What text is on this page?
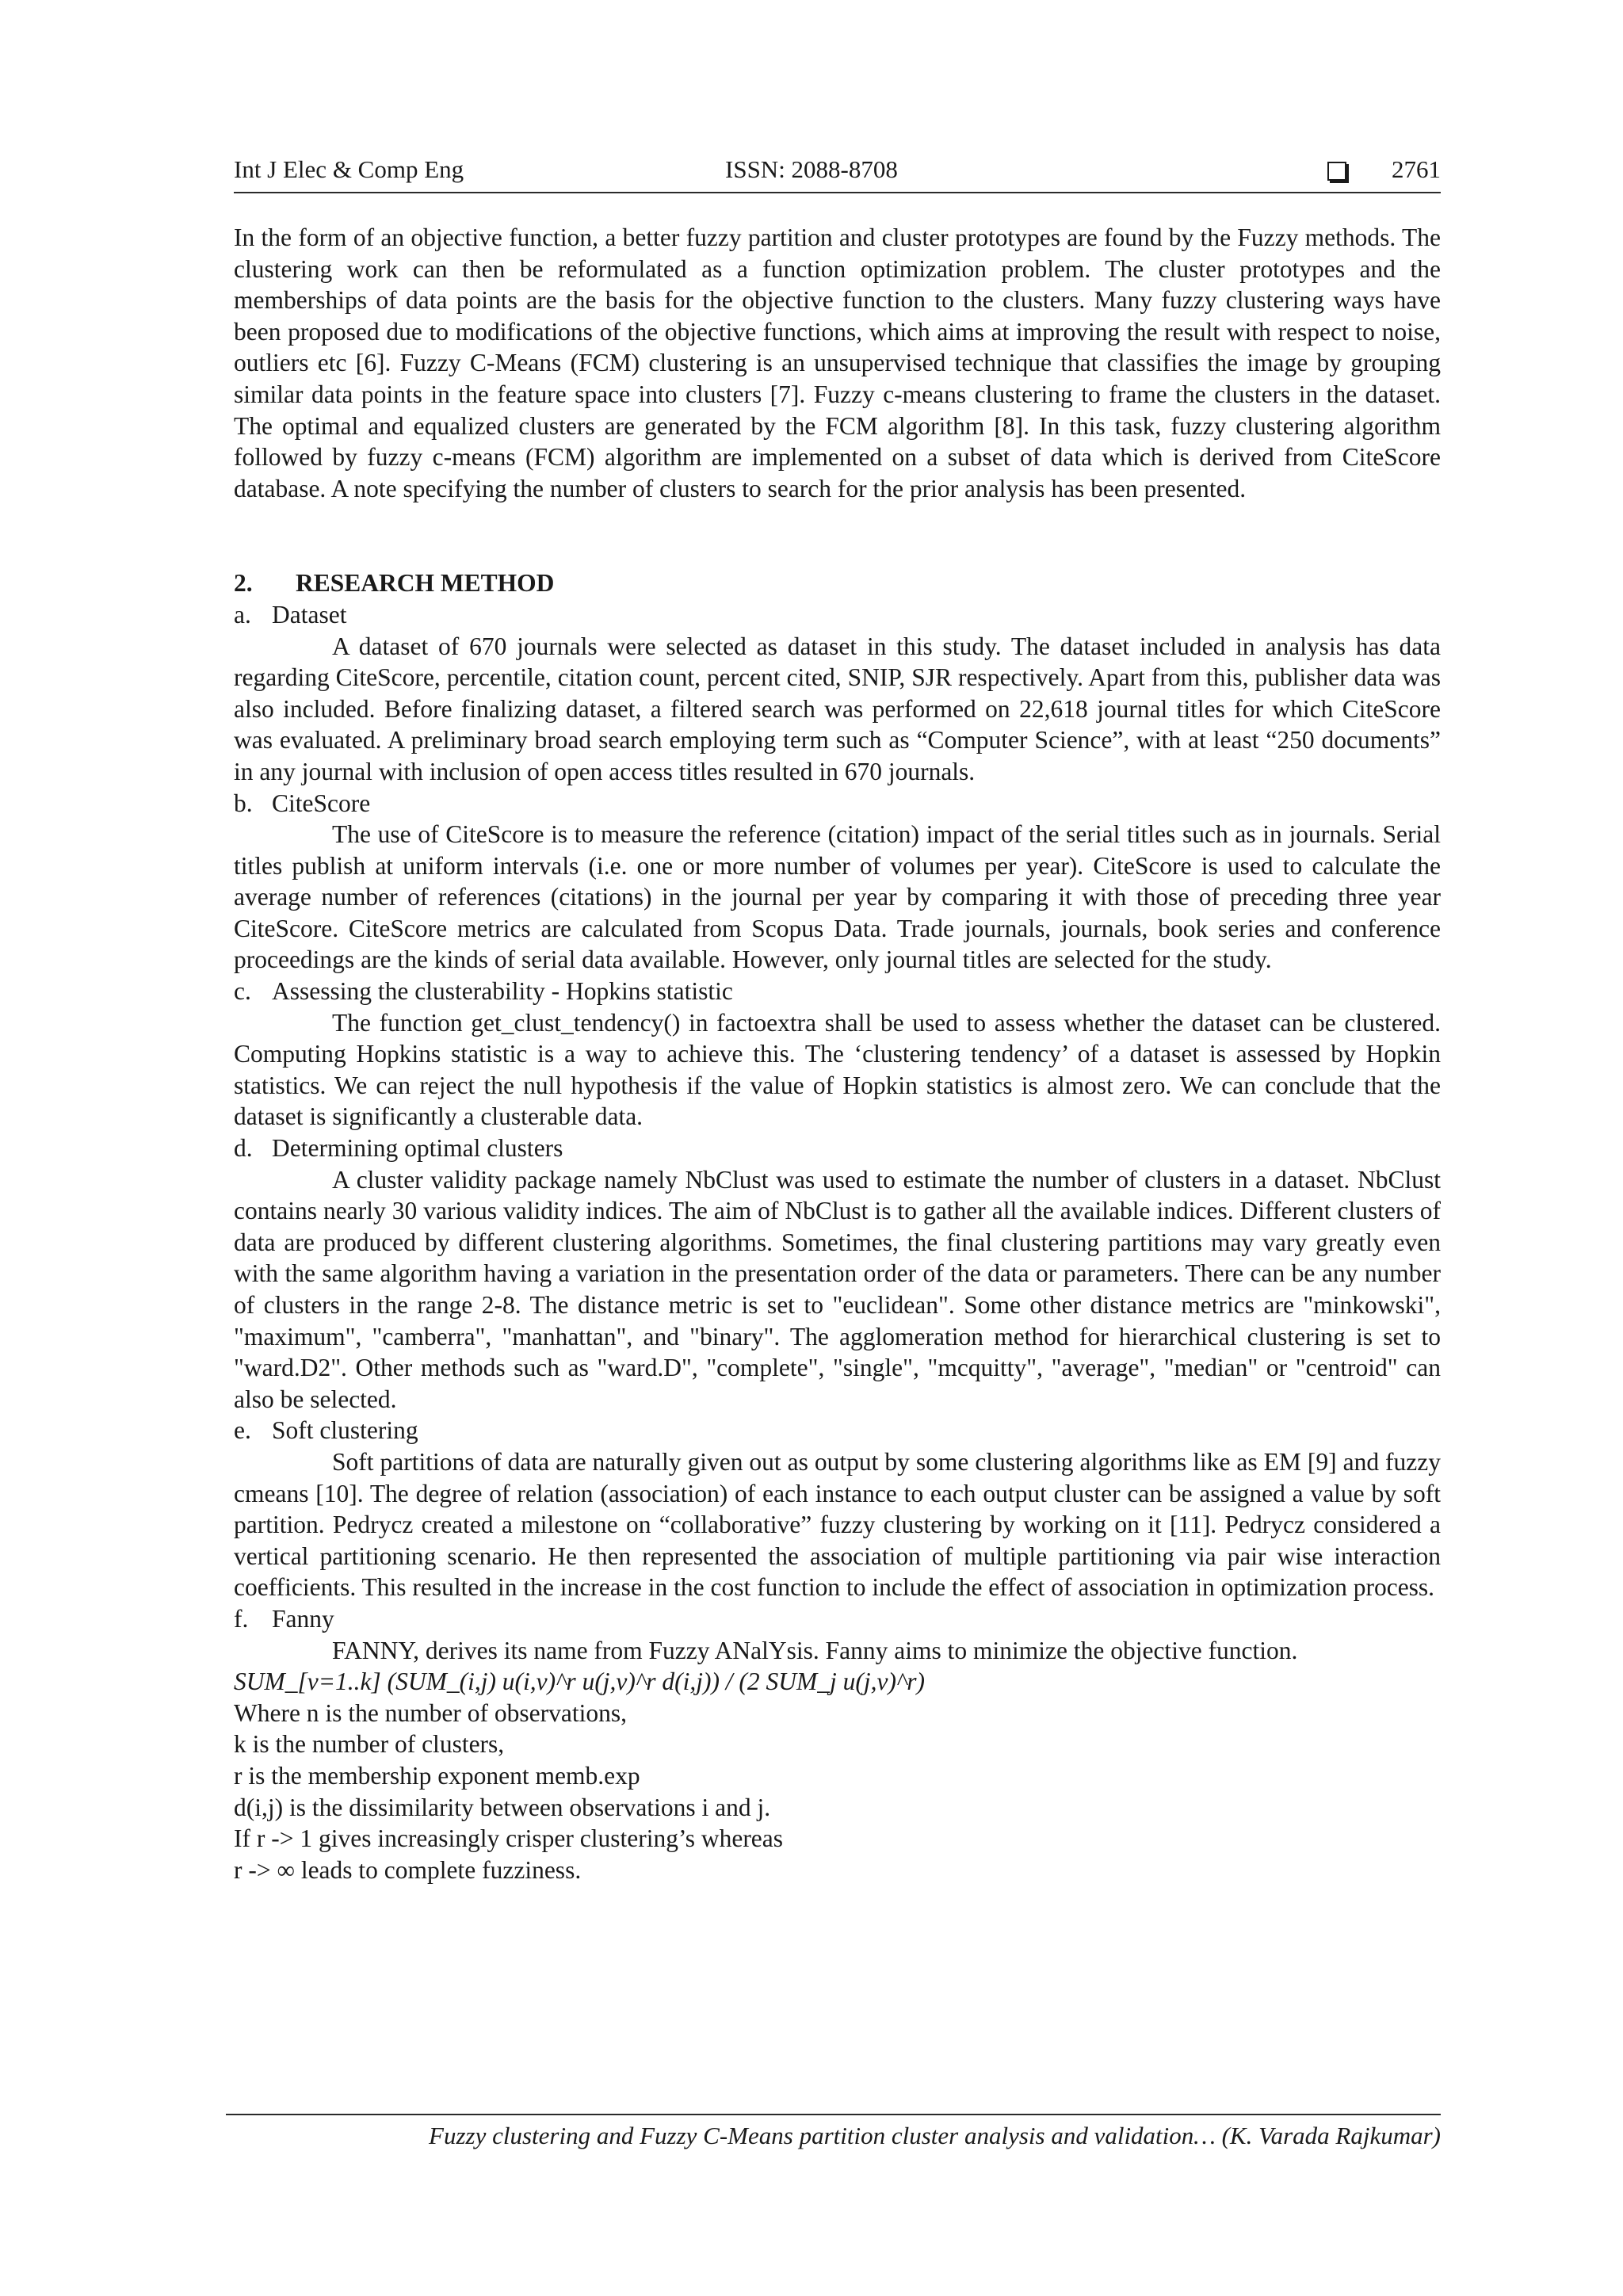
Int J Elec & Comp Eng	ISSN: 2088-8708	2761

In the form of an objective function, a better fuzzy partition and cluster prototypes are found by the Fuzzy methods. The clustering work can then be reformulated as a function optimization problem. The cluster prototypes and the memberships of data points are the basis for the objective function to the clusters. Many fuzzy clustering ways have been proposed due to modifications of the objective functions, which aims at improving the result with respect to noise, outliers etc [6]. Fuzzy C-Means (FCM) clustering is an unsupervised technique that classifies the image by grouping similar data points in the feature space into clusters [7]. Fuzzy c-means clustering to frame the clusters in the dataset. The optimal and equalized clusters are generated by the FCM algorithm [8]. In this task, fuzzy clustering algorithm followed by fuzzy c-means (FCM) algorithm are implemented on a subset of data which is derived from CiteScore database. A note specifying the number of clusters to search for the prior analysis has been presented.

2. RESEARCH METHOD
a. Dataset

A dataset of 670 journals were selected as dataset in this study. The dataset included in analysis has data regarding CiteScore, percentile, citation count, percent cited, SNIP, SJR respectively. Apart from this, publisher data was also included. Before finalizing dataset, a filtered search was performed on 22,618 journal titles for which CiteScore was evaluated. A preliminary broad search employing term such as “Computer Science”, with at least “250 documents” in any journal with inclusion of open access titles resulted in 670 journals.

b. CiteScore

The use of CiteScore is to measure the reference (citation) impact of the serial titles such as in journals. Serial titles publish at uniform intervals (i.e. one or more number of volumes per year). CiteScore is used to calculate the average number of references (citations) in the journal per year by comparing it with those of preceding three year CiteScore. CiteScore metrics are calculated from Scopus Data. Trade journals, journals, book series and conference proceedings are the kinds of serial data available. However, only journal titles are selected for the study.

c. Assessing the clusterability - Hopkins statistic

The function get_clust_tendency() in factoextra shall be used to assess whether the dataset can be clustered. Computing Hopkins statistic is a way to achieve this. The ‘clustering tendency’ of a dataset is assessed by Hopkin statistics. We can reject the null hypothesis if the value of Hopkin statistics is almost zero. We can conclude that the dataset is significantly a clusterable data.

d. Determining optimal clusters

A cluster validity package namely NbClust was used to estimate the number of clusters in a dataset. NbClust contains nearly 30 various validity indices. The aim of NbClust is to gather all the available indices. Different clusters of data are produced by different clustering algorithms. Sometimes, the final clustering partitions may vary greatly even with the same algorithm having a variation in the presentation order of the data or parameters. There can be any number of clusters in the range 2-8. The distance metric is set to "euclidean". Some other distance metrics are "minkowski", "maximum", "camberra", "manhattan", and "binary". The agglomeration method for hierarchical clustering is set to "ward.D2". Other methods such as "ward.D", "complete", "single", "mcquitty", "average", "median" or "centroid" can also be selected.

e. Soft clustering

Soft partitions of data are naturally given out as output by some clustering algorithms like as EM [9] and fuzzy cmeans [10]. The degree of relation (association) of each instance to each output cluster can be assigned a value by soft partition. Pedrycz created a milestone on “collaborative” fuzzy clustering by working on it [11]. Pedrycz considered a vertical partitioning scenario. He then represented the association of multiple partitioning via pair wise interaction coefficients. This resulted in the increase in the cost function to include the effect of association in optimization process.

f. Fanny

FANNY, derives its name from Fuzzy ANalYsis. Fanny aims to minimize the objective function.

SUM_[v=1..k] (SUM_(i,j) u(i,v)^r u(j,v)^r d(i,j)) / (2 SUM_j u(j,v)^r)
Where n is the number of observations,
k is the number of clusters,
r is the membership exponent memb.exp
d(i,j) is the dissimilarity between observations i and j.
If r -> 1 gives increasingly crisper clustering’s whereas
r -> ∞ leads to complete fuzziness.
Fuzzy clustering and Fuzzy C-Means partition cluster analysis and validation… (K. Varada Rajkumar)
